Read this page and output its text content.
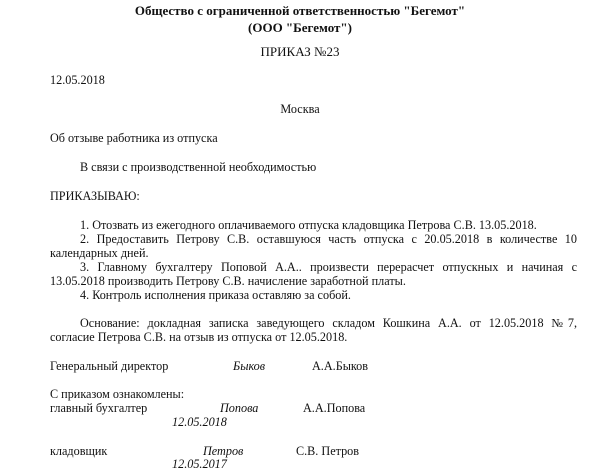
Общество с ограниченной ответственностью "Бегемот"
(ООО "Бегемот")
ПРИКАЗ №23
12.05.2018
Москва
Об отзыве работника из отпуска
В связи с производственной необходимостью
ПРИКАЗЫВАЮ:
1. Отозвать из ежегодного оплачиваемого отпуска кладовщика Петрова С.В. 13.05.2018.
2. Предоставить Петрову С.В. оставшуюся часть отпуска с 20.05.2018 в количестве 10
календарных дней.
3. Главному бухгалтеру Поповой А.А.. произвести перерасчет отпускных и начиная с
13.05.2018 производить Петрову С.В. начисление заработной платы.
4. Контроль исполнения приказа оставляю за собой.
Основание: докладная записка заведующего складом Кошкина А.А. от 12.05.2018 №7,
согласие Петрова С.В. на отзыв из отпуска от 12.05.2018.
Генеральный директор	Быков	А.А.Быков
С приказом ознакомлены:
главный бухгалтер	Попова	А.А.Попова
12.05.2018
кладовщик	Петров	С.В. Петров
12.05.2017
